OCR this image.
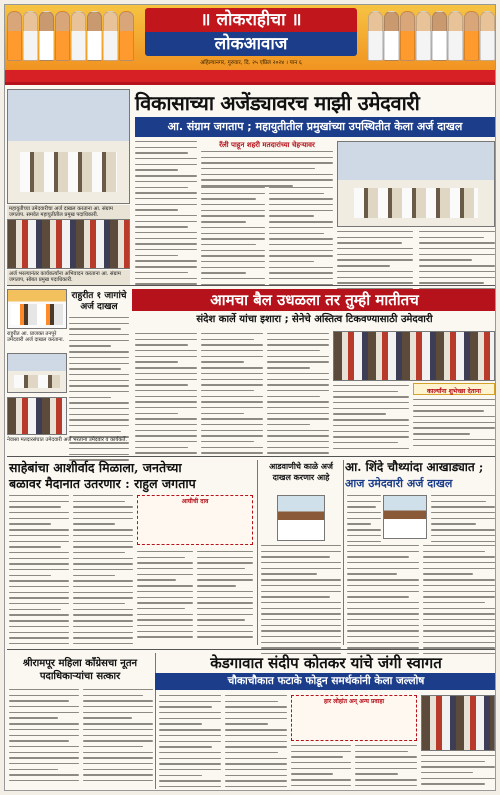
॥ लोकराहीचा ॥
लोकआवाज
अहिल्यानगर, गुरुवार, दि. २५ एप्रिल २०२४ । पान ६
महायुतीच्या उमेदवारीचा अर्ज दाखल करताना आ. संग्राम जगताप. समवेत महायुतीतील प्रमुख पदाधिकारी.
विकासाच्या अजेंड्यावरच माझी उमेदवारी
आ. संग्राम जगताप ; महायुतीतील प्रमुखांच्या उपस्थितीत केला अर्ज दाखल
रॅली पाहून शहरी मतदारांच्या चेहऱ्यावर
अर्ज भरल्यानंतर कार्यकर्त्यांना अभिवादन करताना आ. संग्राम जगताप, सोबत प्रमुख पदाधिकारी.
राहुरीत १ जागांचे अर्ज दाखल
राहुरीत आ. प्राजक्त तनपुरे उमेदवारी अर्ज दाखल करताना.
नेवासा मतदारसंघात उमेदवारी अर्ज भरताना उमेदवार व कार्यकर्ते.
आमचा बैल उधळला तर तुम्ही मातीतच
संदेश कार्ले यांचा इशारा ; सेनेचे अस्तित्व टिकवण्यासाठी उमेदवारी
कार्ल्यांना शुभेच्छा देताना
साहेबांचा आशीर्वाद मिळाला, जनतेच्या
बळावर मैदानात उतरणार : राहुल जगताप
आघीची दाव
आडवाणीचे काळे अर्ज दाखल करणार आहे
आ. शिंदे चौथ्यांदा आखाड्यात ;
आज उमेदवारी अर्ज दाखल
श्रीरामपूर महिला कॉंग्रेसचा नूतन पदाधिकाऱ्यांचा सत्कार
केडगावात संदीप कोतकर यांचे जंगी स्वागत
चौकाचौकात फटाके फोडून समर्थकांनी केला जल्लोष
हार लोहांत अन् अन्य प्रवाहा
